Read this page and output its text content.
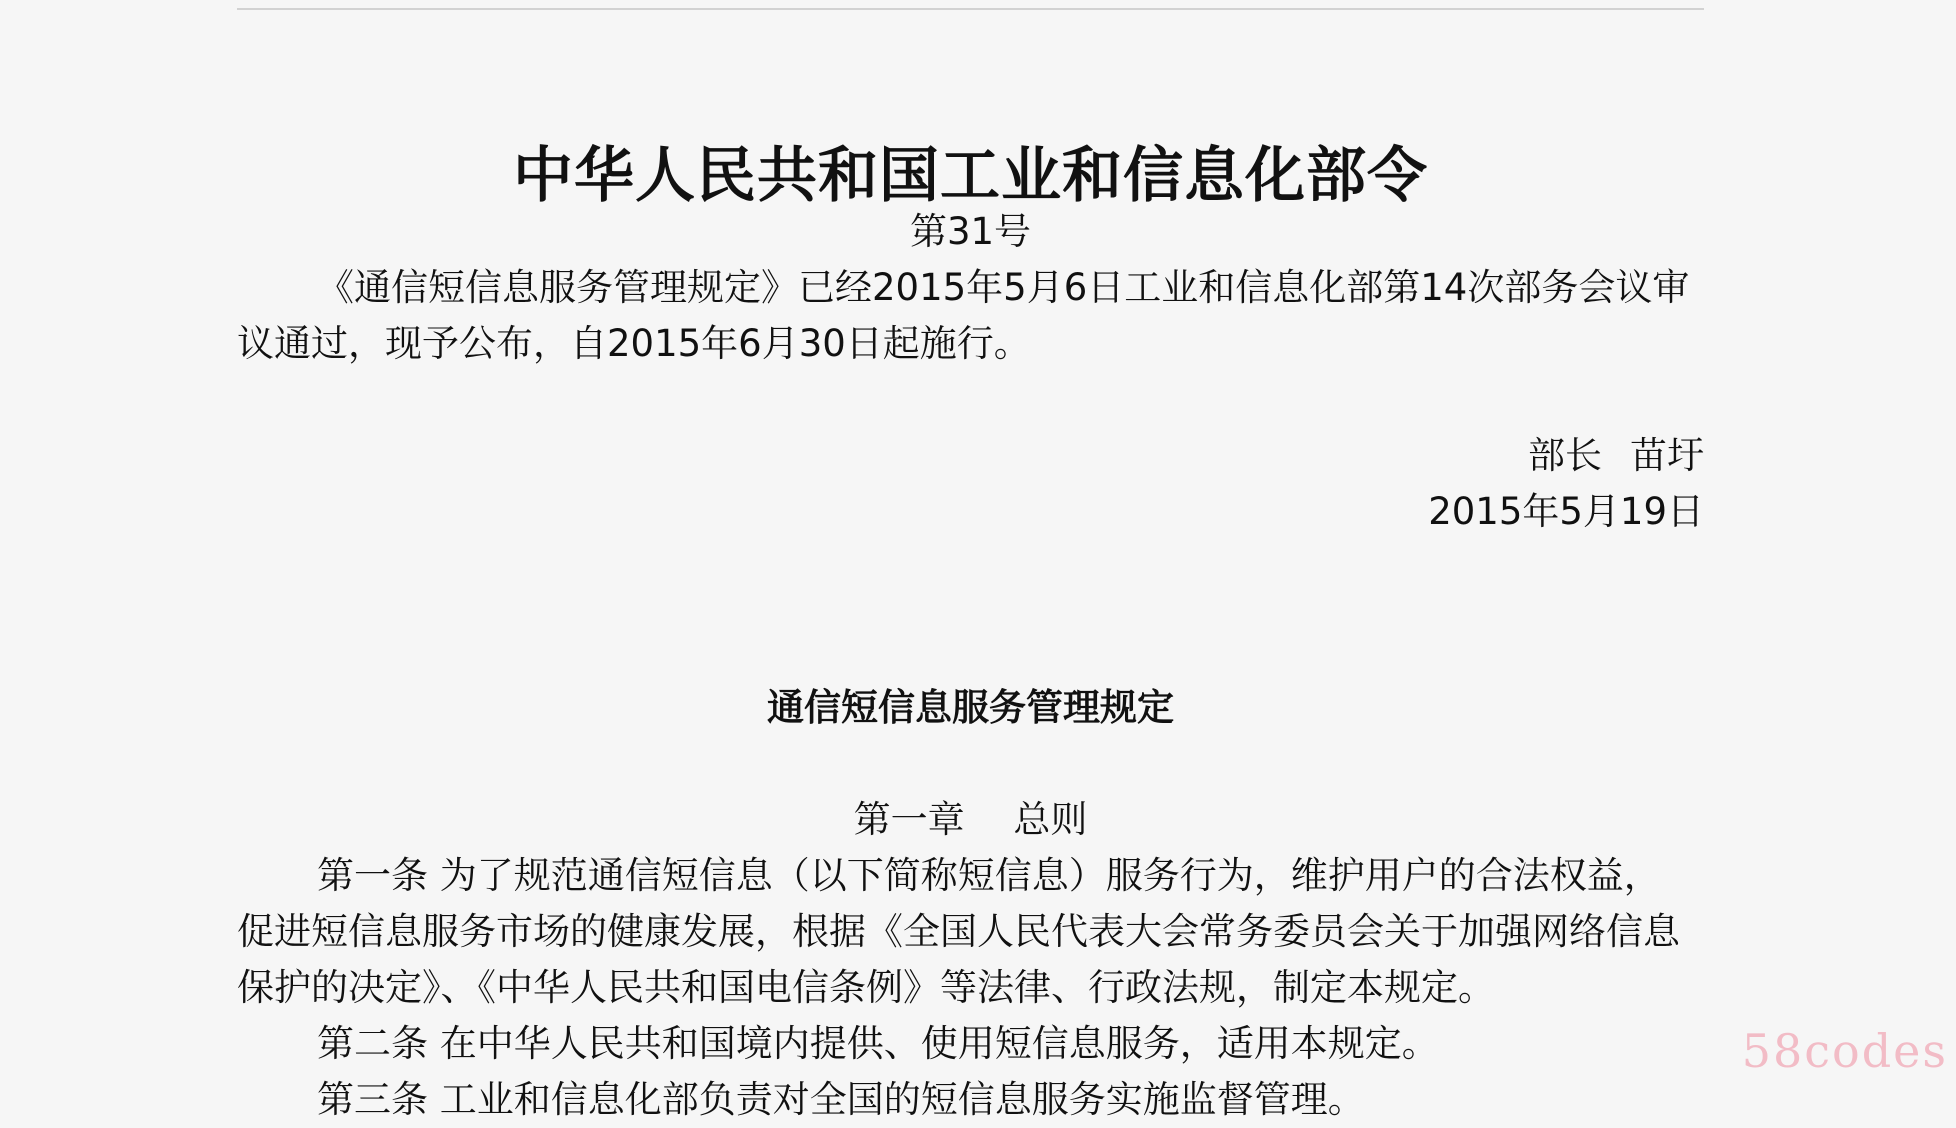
中华人民共和国工业和信息化部令
第31号
《通信短信息服务管理规定》已经2015年5月6日工业和信息化部第14次部务会议审
议通过，现予公布，自2015年6月30日起施行。
部长 苗圩
2015年5月19日
通信短信息服务管理规定
第一章　 总则
第一条 为了规范通信短信息（以下简称短信息）服务行为，维护用户的合法权益，
促进短信息服务市场的健康发展，根据《全国人民代表大会常务委员会关于加强网络信息
保护的决定》、《中华人民共和国电信条例》等法律、行政法规，制定本规定。
第二条 在中华人民共和国境内提供、使用短信息服务，适用本规定。
第三条 工业和信息化部负责对全国的短信息服务实施监督管理。
58codes
